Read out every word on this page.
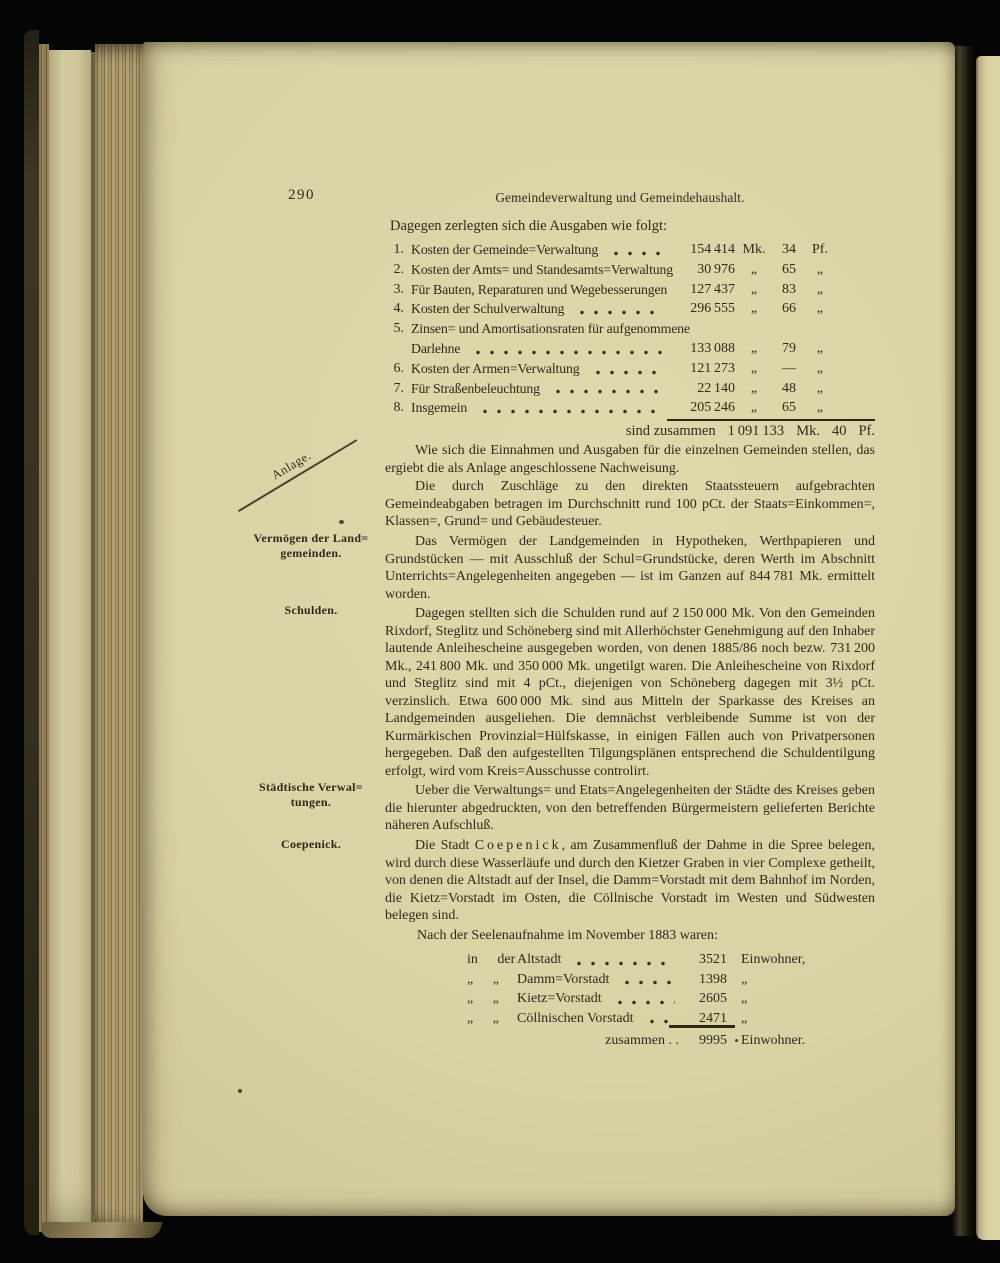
290	Gemeindeverwaltung und Gemeindehaushalt.
Anlage.
Vermögen der Land=
gemeinden.
Schulden.
Städtische Verwal=
tungen.
Coepenick.
Dagegen zerlegten sich die Ausgaben wie folgt:
1. Kosten der Gemeinde=Verwaltung	154 414 Mk.	34	Pf.
2. Kosten der Amts= und Standesamts=Verwaltung	30 976	„	65	„
3. Für Bauten, Reparaturen und Wegebesserungen	127 437	„	83	„
4. Kosten der Schulverwaltung	296 555	„	66	„
5. Zinsen= und Amortisationsraten für aufgenommene
Darlehne	133 088	„	79	„
6. Kosten der Armen=Verwaltung	121 273	„	—	„
7. Für Straßenbeleuchtung	22 140	„	48	„
8. Insgemein	205 246	„	65	„
sind zusammen 1 091 133 Mk. 40 Pf.

Wie sich die Einnahmen und Ausgaben für die einzelnen Gemeinden stellen, das ergiebt die als Anlage angeschlossene Nachweisung.

Die durch Zuschläge zu den direkten Staatssteuern aufgebrachten Gemeindeabgaben betragen im Durchschnitt rund 100 pCt. der Staats=Einkommen=, Klassen=, Grund= und Gebäudesteuer.

Das Vermögen der Landgemeinden in Hypotheken, Werthpapieren und Grundstücken — mit Ausschluß der Schul=Grundstücke, deren Werth im Abschnitt Unterrichts=Angelegenheiten angegeben — ist im Ganzen auf 844 781 Mk. ermittelt worden.

Dagegen stellten sich die Schulden rund auf 2 150 000 Mk. Von den Gemeinden Rixdorf, Steglitz und Schöneberg sind mit Allerhöchster Genehmigung auf den Inhaber lautende Anleihescheine ausgegeben worden, von denen 1885/86 noch bezw. 731 200 Mk., 241 800 Mk. und 350 000 Mk. ungetilgt waren. Die Anleihescheine von Rixdorf und Steglitz sind mit 4 pCt., diejenigen von Schöneberg dagegen mit 3½ pCt. verzinslich. Etwa 600 000 Mk. sind aus Mitteln der Sparkasse des Kreises an Landgemeinden ausgeliehen. Die demnächst verbleibende Summe ist von der Kurmärkischen Provinzial=Hülfskasse, in einigen Fällen auch von Privatpersonen hergegeben. Daß den aufgestellten Tilgungsplänen entsprechend die Schuldentilgung erfolgt, wird vom Kreis=Ausschusse controlirt.

Ueber die Verwaltungs= und Etats=Angelegenheiten der Städte des Kreises geben die hierunter abgedruckten, von den betreffenden Bürgermeistern gelieferten Berichte näheren Aufschluß.

Die Stadt Coepenick, am Zusammenfluß der Dahme in die Spree belegen, wird durch diese Wasserläufe und durch den Kietzer Graben in vier Complexe getheilt, von denen die Altstadt auf der Insel, die Damm=Vorstadt mit dem Bahnhof im Norden, die Kietz=Vorstadt im Osten, die Cöllnische Vorstadt im Westen und Südwesten belegen sind.

Nach der Seelenaufnahme im November 1883 waren:
in der Altstadt	3521	Einwohner,
„ „	Damm=Vorstadt	1398	„
„ „	Kietz=Vorstadt	2605	„
„ „	Cöllnischen Vorstadt	2471	„
zusammen . .	9995	Einwohner.
